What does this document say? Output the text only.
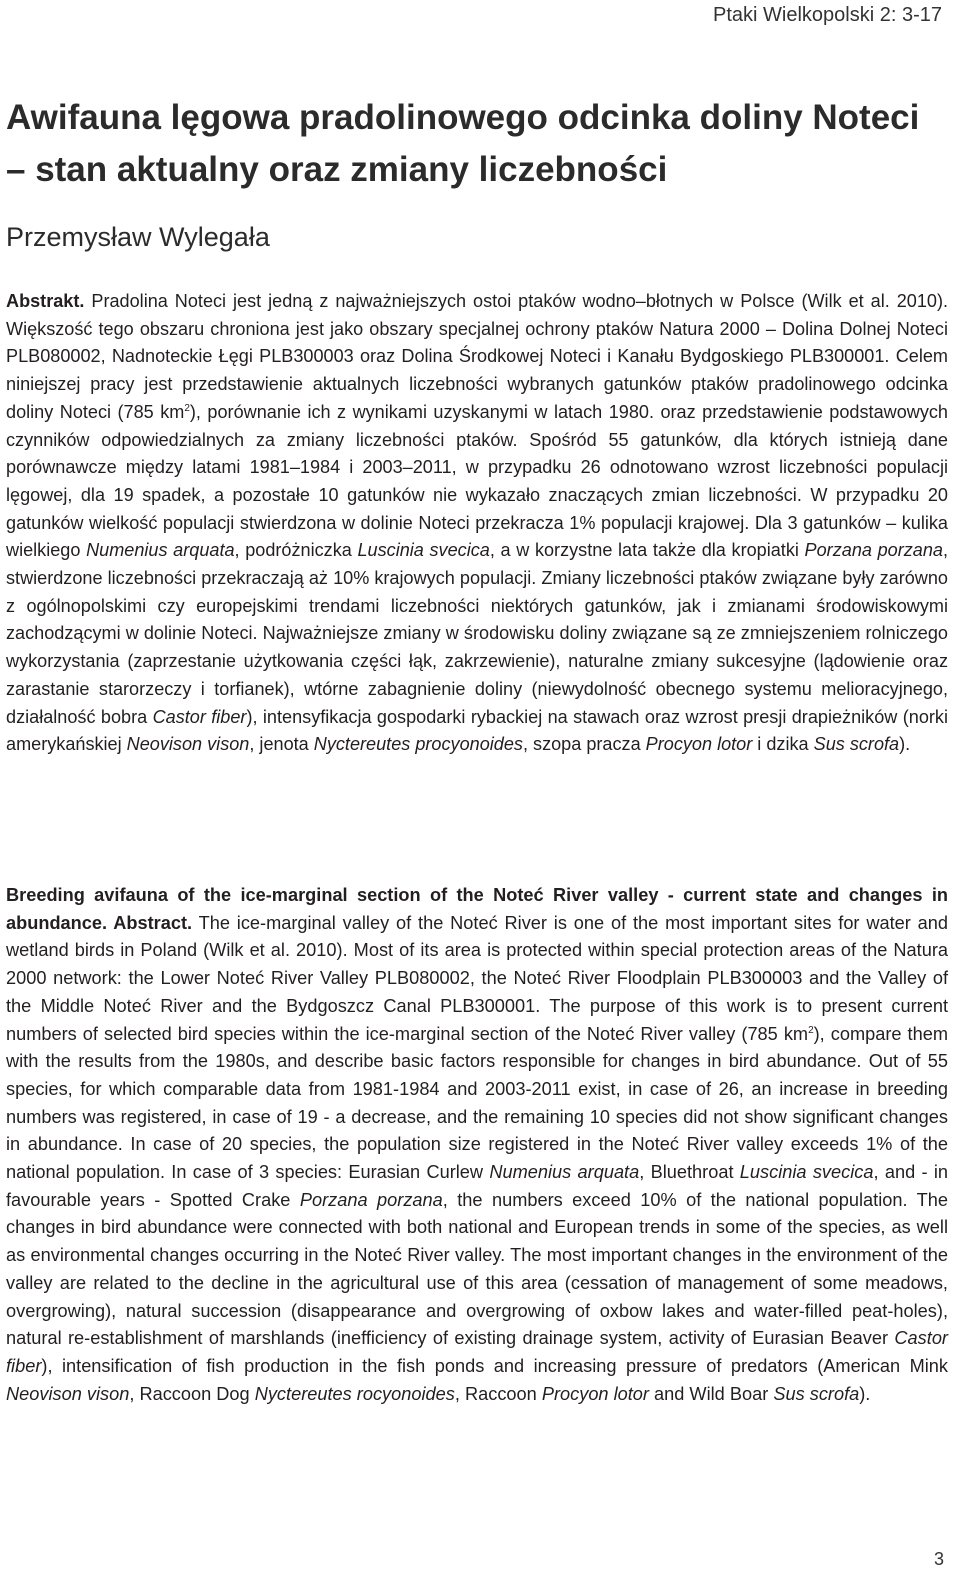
Ptaki Wielkopolski 2: 3-17
Awifauna lęgowa pradolinowego odcinka doliny Noteci – stan aktualny oraz zmiany liczebności
Przemysław Wylegała

Abstrakt. Pradolina Noteci jest jedną z najważniejszych ostoi ptaków wodno–błotnych w Polsce (Wilk et al. 2010). Większość tego obszaru chroniona jest jako obszary specjalnej ochrony ptaków Natura 2000 – Dolina Dolnej Noteci PLB080002, Nadnoteckie Łęgi PLB300003 oraz Dolina Środkowej Noteci i Kanału Bydgoskiego PLB300001. Celem niniejszej pracy jest przedstawienie aktualnych liczebności wybranych gatunków ptaków pradolinowego odcinka doliny Noteci (785 $km^2$), porównanie ich z wynikami uzyskanymi w latach 1980. oraz przedstawienie podstawowych czynników odpowiedzialnych za zmiany liczebności ptaków. Spośród 55 gatunków, dla których istnieją dane porównawcze między latami 1981–1984 i 2003–2011, w przypadku 26 odnotowano wzrost liczebności populacji lęgowej, dla 19 spadek, a pozostałe 10 gatunków nie wykazało znaczących zmian liczebności. W przypadku 20 gatunków wielkość populacji stwierdzona w dolinie Noteci przekracza 1% populacji krajowej. Dla 3 gatunków – kulika wielkiego Numenius arquata, podróżniczka Luscinia svecica, a w korzystne lata także dla kropiatki Porzana porzana, stwierdzone liczebności przekraczają aż 10% krajowych populacji. Zmiany liczebności ptaków związane były zarówno z ogólnopolskimi czy europejskimi trendami liczebności niektórych gatunków, jak i zmianami środowiskowymi zachodzącymi w dolinie Noteci. Najważniejsze zmiany w środowisku doliny związane są ze zmniejszeniem rolniczego wykorzystania (zaprzestanie użytkowania części łąk, zakrzewienie), naturalne zmiany sukcesyjne (lądowienie oraz zarastanie starorzeczy i torfianek), wtórne zabagnienie doliny (niewydolność obecnego systemu melioracyjnego, działalność bobra Castor fiber), intensyfikacja gospodarki rybackiej na stawach oraz wzrost presji drapieżników (norki amerykańskiej Neovison vison, jenota Nyctereutes procyonoides, szopa pracza Procyon lotor i dzika Sus scrofa).

Breeding avifauna of the ice-marginal section of the Noteć River valley - current state and changes in abundance. Abstract. The ice-marginal valley of the Noteć River is one of the most important sites for water and wetland birds in Poland (Wilk et al. 2010). Most of its area is protected within special protection areas of the Natura 2000 network: the Lower Noteć River Valley PLB080002, the Noteć River Floodplain PLB300003 and the Valley of the Middle Noteć River and the Bydgoszcz Canal PLB300001. The purpose of this work is to present current numbers of selected bird species within the ice-marginal section of the Noteć River valley (785 $km^2$), compare them with the results from the 1980s, and describe basic factors responsible for changes in bird abundance. Out of 55 species, for which comparable data from 1981-1984 and 2003-2011 exist, in case of 26, an increase in breeding numbers was registered, in case of 19 - a decrease, and the remaining 10 species did not show significant changes in abundance. In case of 20 species, the population size registered in the Noteć River valley exceeds 1% of the national population. In case of 3 species: Eurasian Curlew Numenius arquata, Bluethroat Luscinia svecica, and - in favourable years - Spotted Crake Porzana porzana, the numbers exceed 10% of the national population. The changes in bird abundance were connected with both national and European trends in some of the species, as well as environmental changes occurring in the Noteć River valley. The most important changes in the environment of the valley are related to the decline in the agricultural use of this area (cessation of management of some meadows, overgrowing), natural succession (disappearance and overgrowing of oxbow lakes and water-filled peat-holes), natural re-establishment of marshlands (inefficiency of existing drainage system, activity of Eurasian Beaver Castor fiber), intensification of fish production in the fish ponds and increasing pressure of predators (American Mink Neovison vison, Raccoon Dog Nyctereutes rocyonoides, Raccoon Procyon lotor and Wild Boar Sus scrofa).

3
